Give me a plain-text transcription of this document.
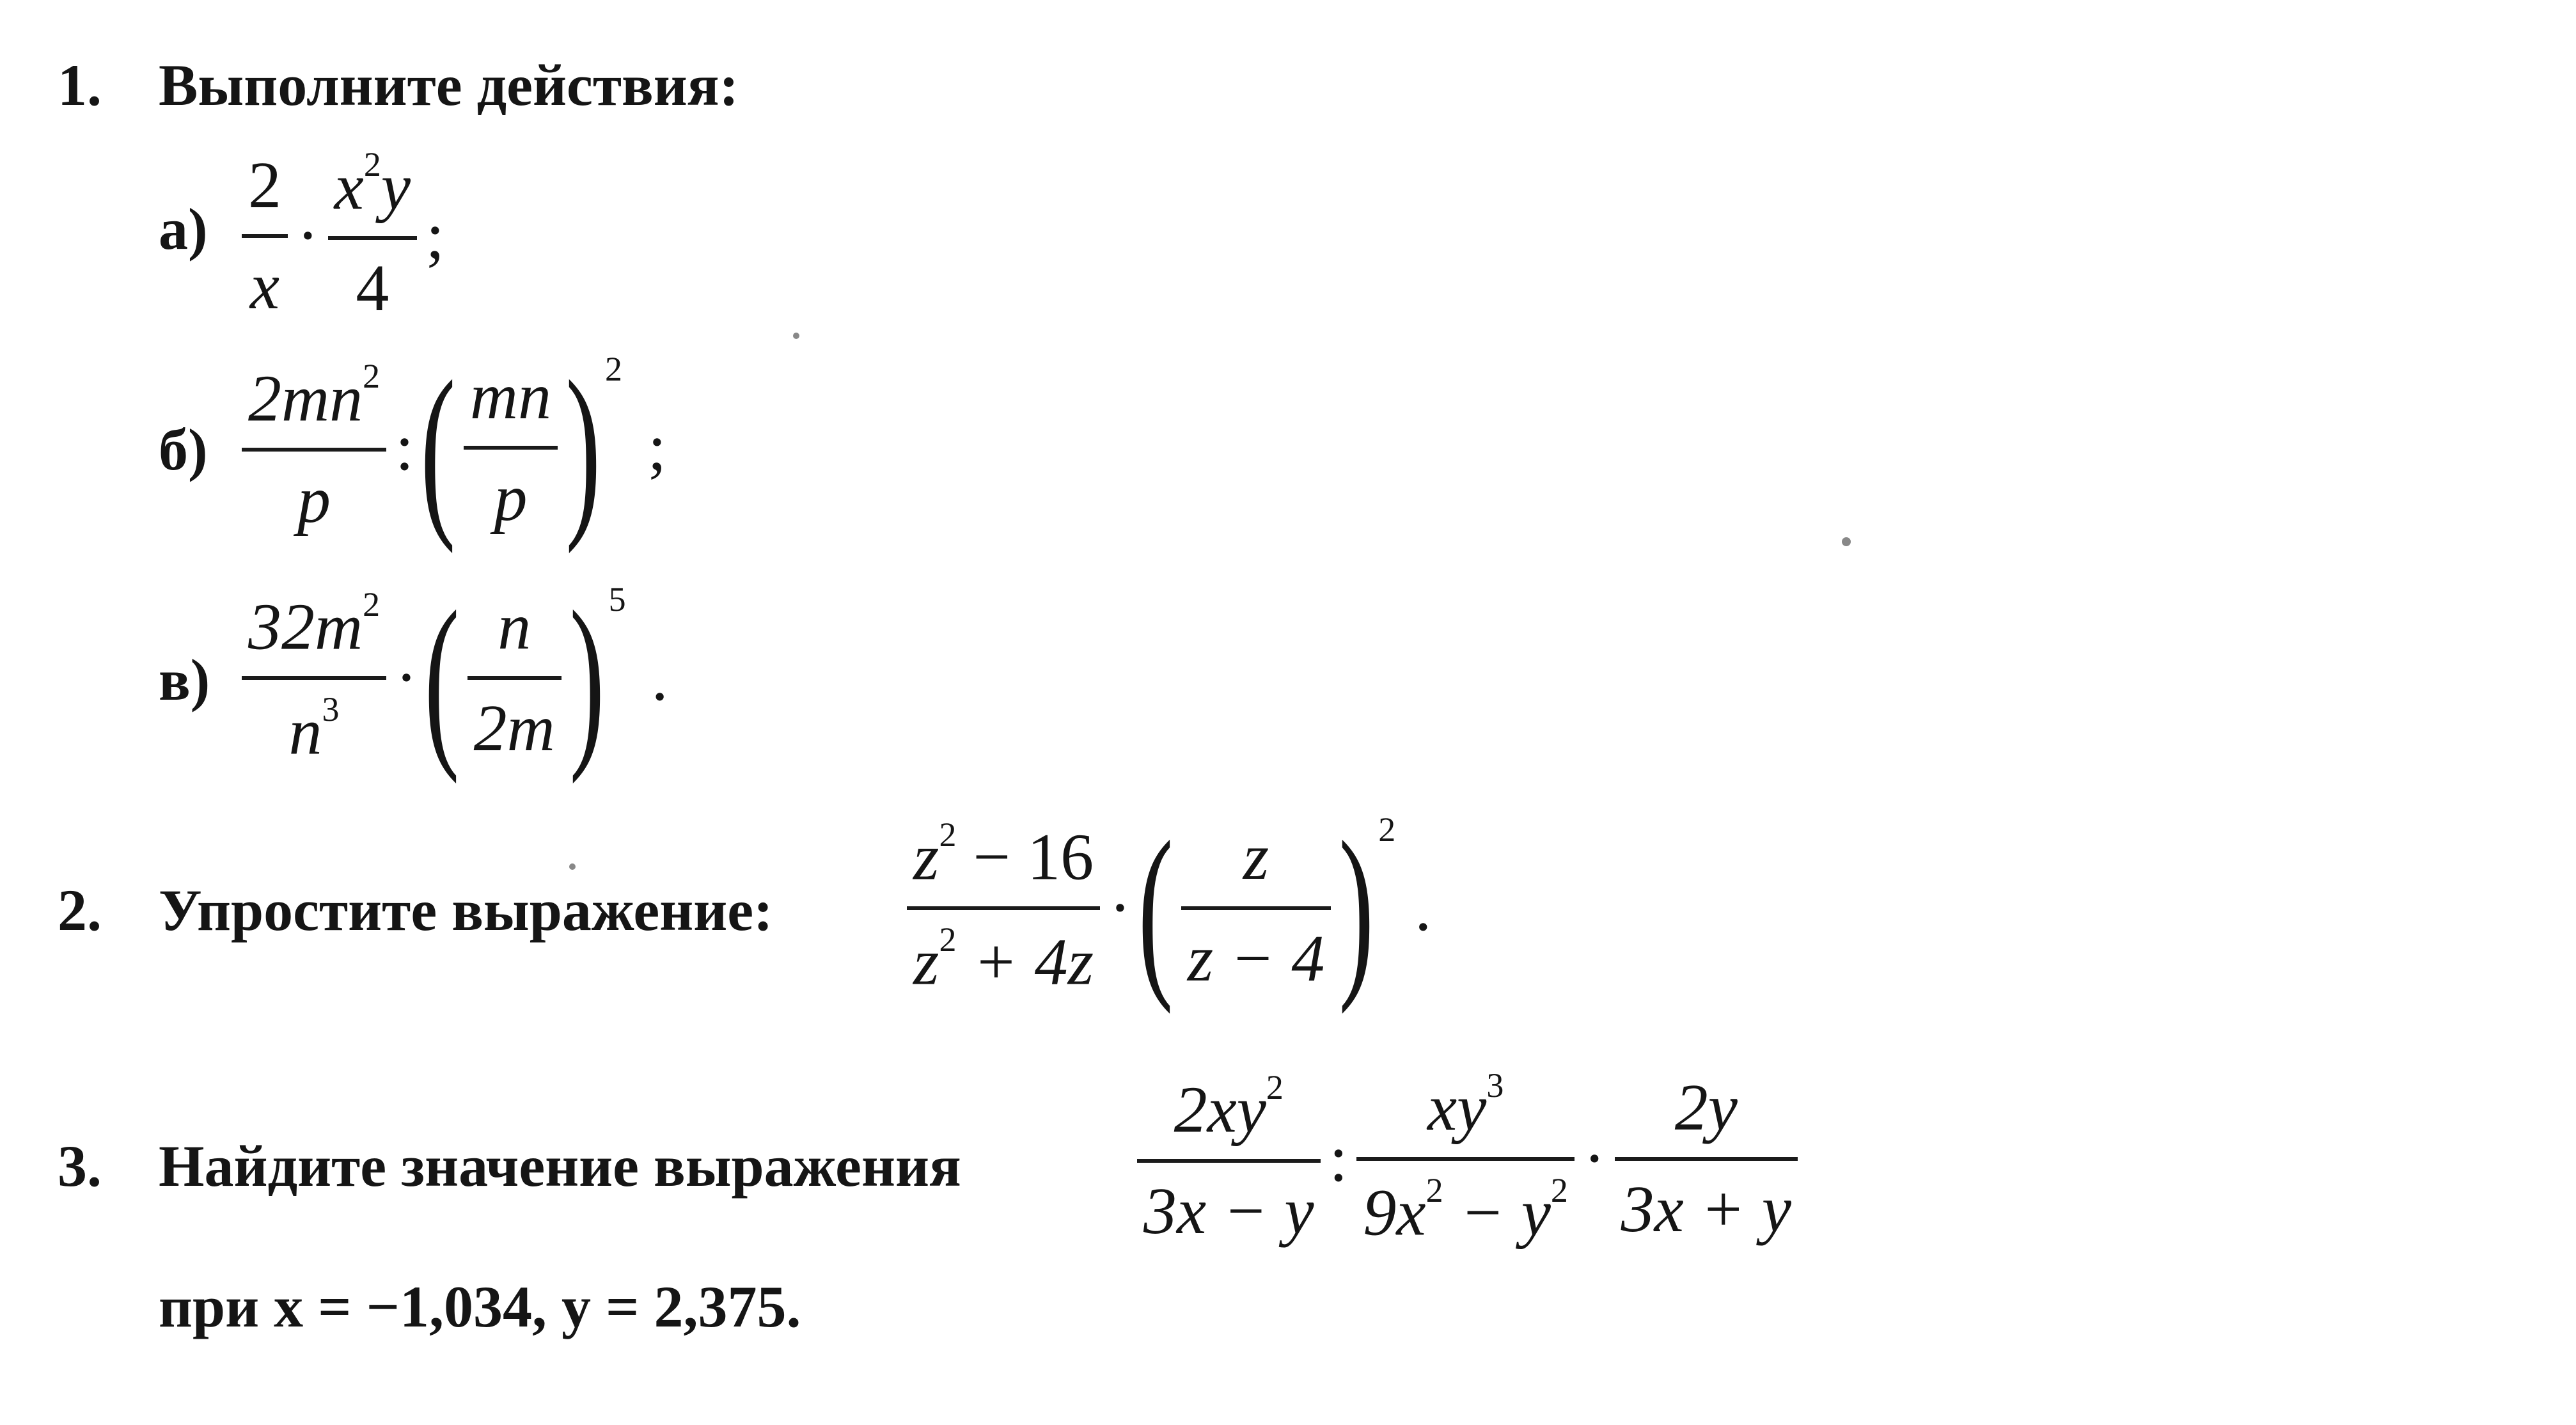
1. Выполните действия:
$а) \frac{2}{x} \cdot \frac{x^2y}{4}$ ;
$б) \frac{2mn^2}{p}$ : ( $\frac{mn}{p}$ ) 2
;
$в) \frac{32m^2}{n^3}$ · ( $\frac{n}{2m}$ ) 5
.
2. Упростите выражение: $\frac{z^2 - 16}{z^2 + 4z}$ · ( $\frac{z}{z - 4}$ ) 2
.
3. Найдите значение выражения	$\frac{2xy^2}{3x - y}$ : $\frac{xy^3}{9x^2 - y^2} \cdot \frac{2y}{3x + y}$
при x = −1,034, y = 2,375.
